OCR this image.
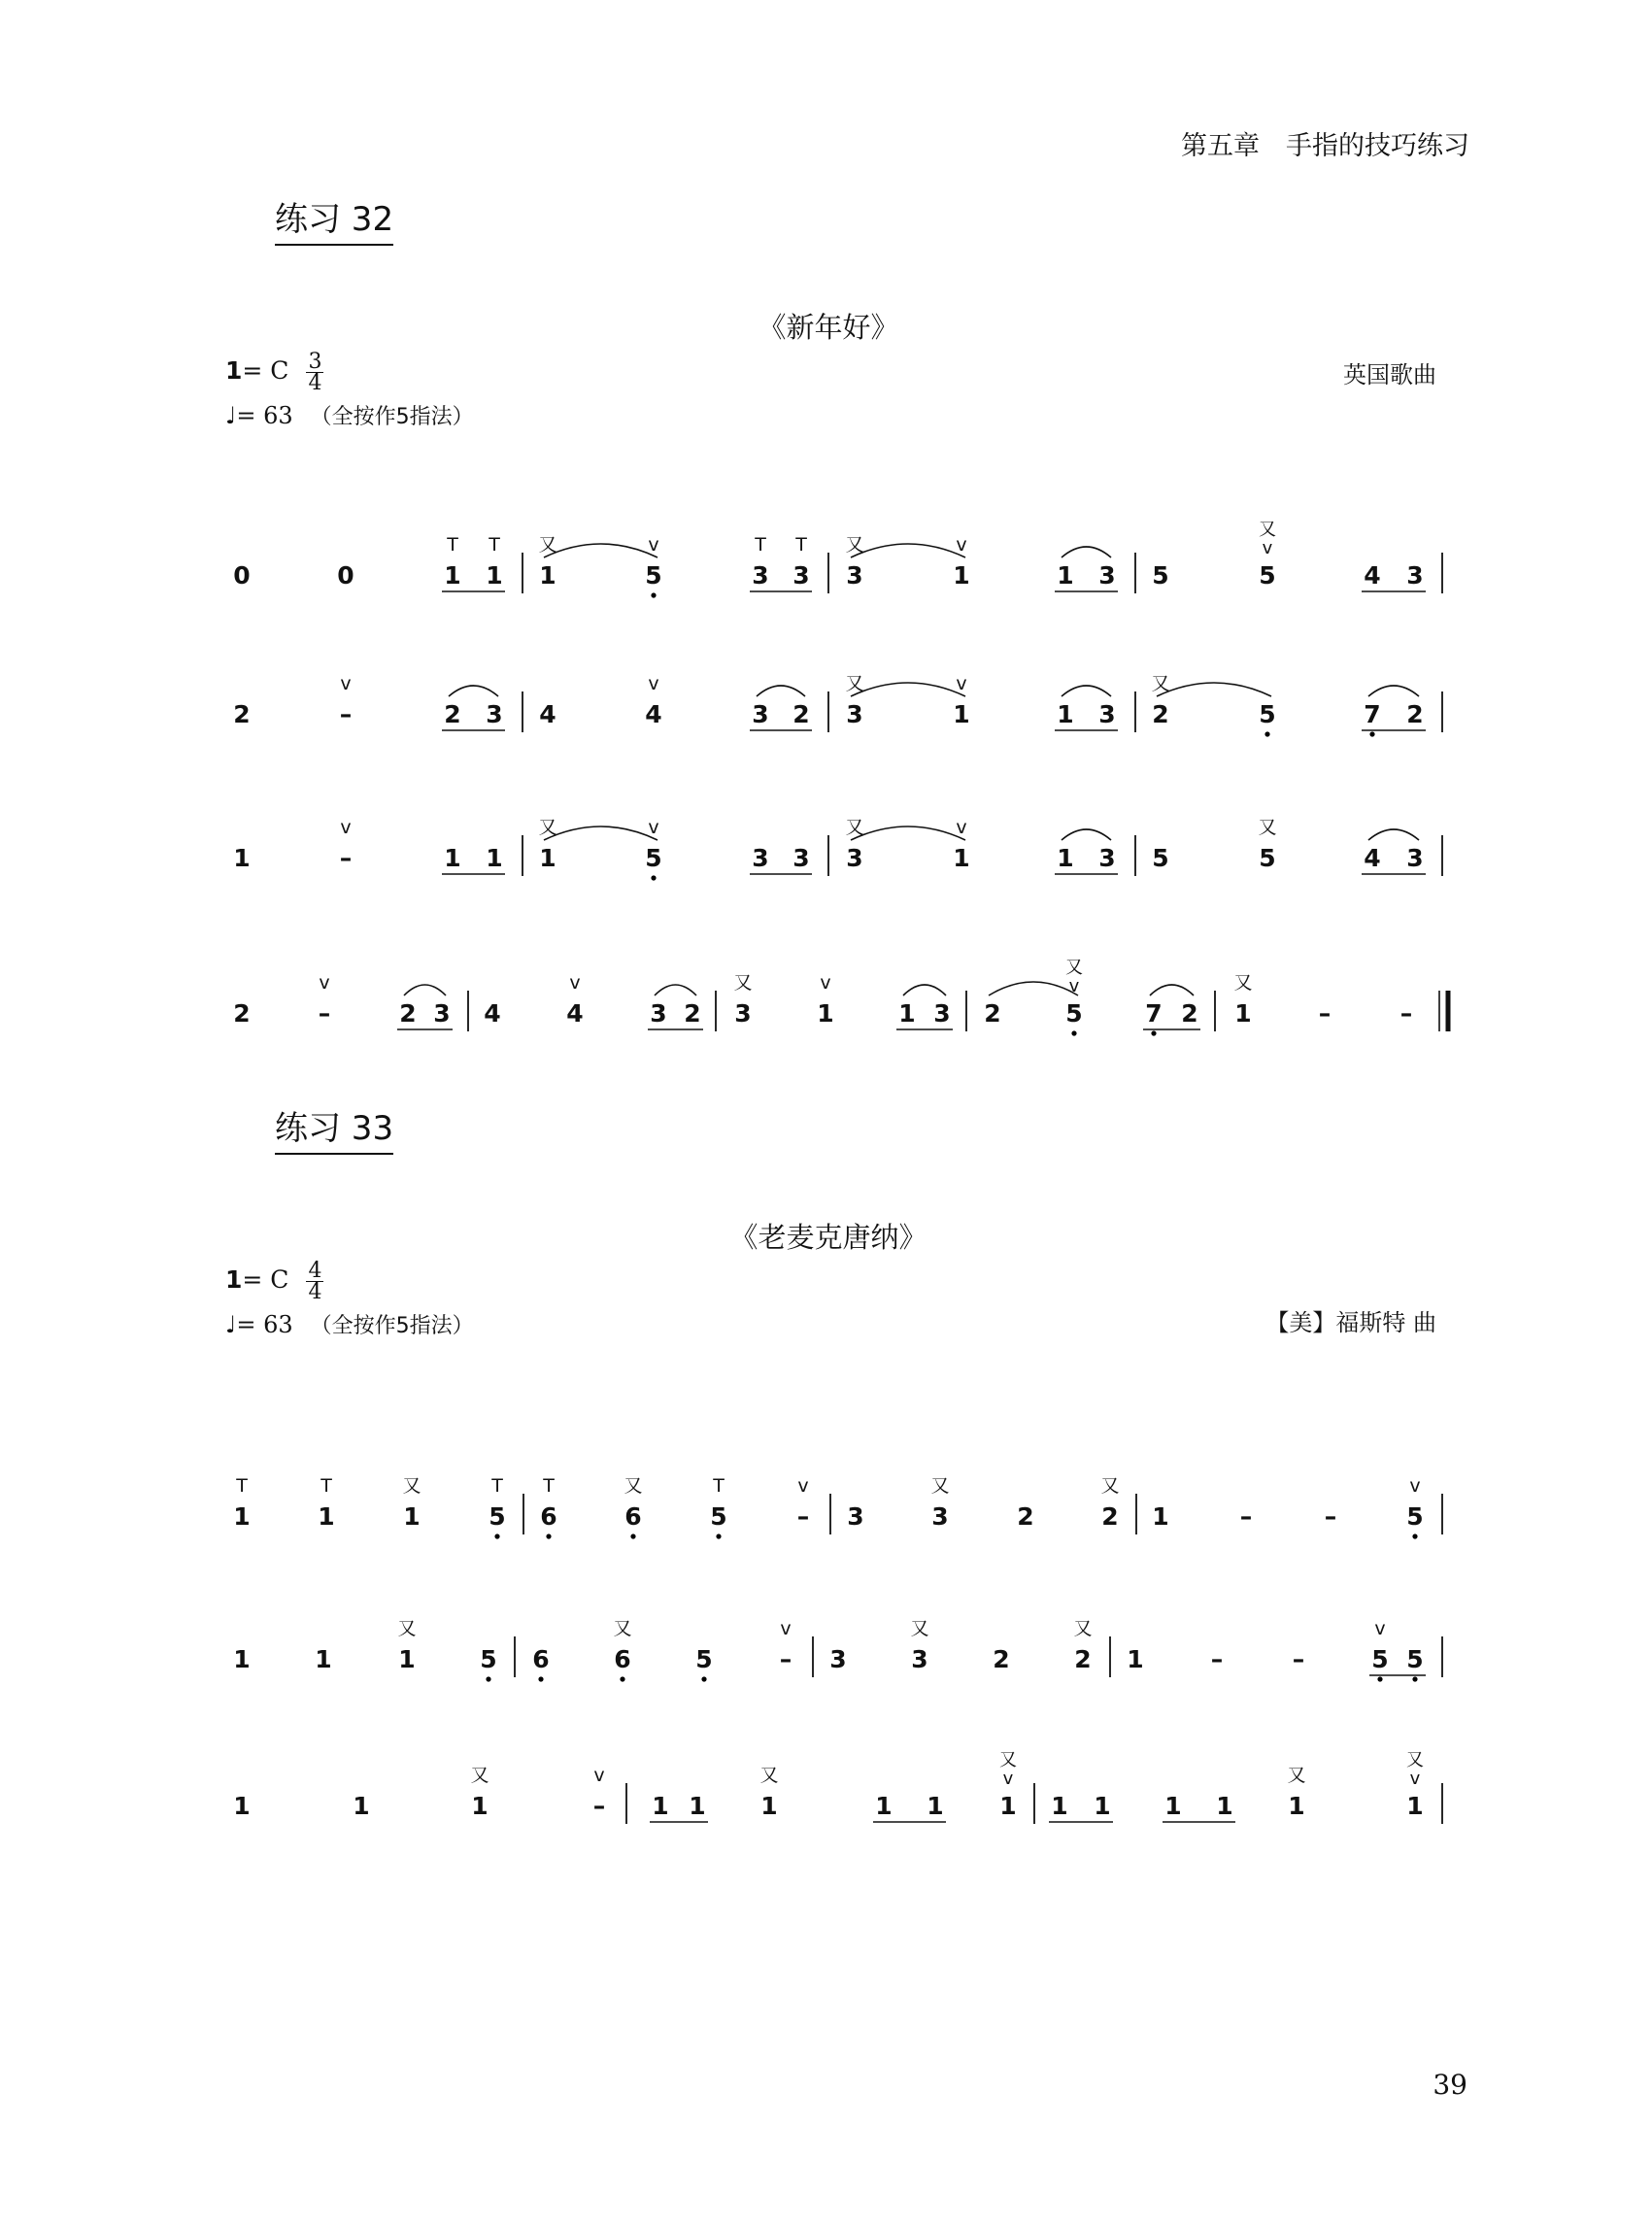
第五章　手指的技巧练习
练习 32
《新年好》
1= C $\frac{3}{4}$	英国歌曲
♩= 63 （全按作5指法）
练习 33
《老麦克唐纳》
1= C $\frac{4}{4}$
【美】福斯特 曲
♩= 63 （全按作5指法）
0	0	1
T
1
T
1
又
5
v
3
T
3
T
3
又
1
v
1 3 5	5
又
v
4 3
2	–
v
2 3 4	4
v
3 2 3
又
1
v
1 3 2
又
5	7 2
1	–
v
1 1 1
又
5
v
3 3 3
又
1
v
1 3 5	5
又
4 3
2	–
v
2 3 4	4
v
3 2 3
又
1
v
1 3 2	5
又
v
7 2 1
又
–	–
1
T
1
T
1
又
5
T
6
T
6
又
5
T
–
v
3	3
又
2	2
又
1	–	–	5
v
1	1	1
又
5 6	6
又
5	–
v
3	3
又
2	2
又
1	–	–	5
v
5
1	1	1
又
–
v
1 1 1
又
1 1 1
又
v
1 1 1 1 1
又
1
又
v
39
